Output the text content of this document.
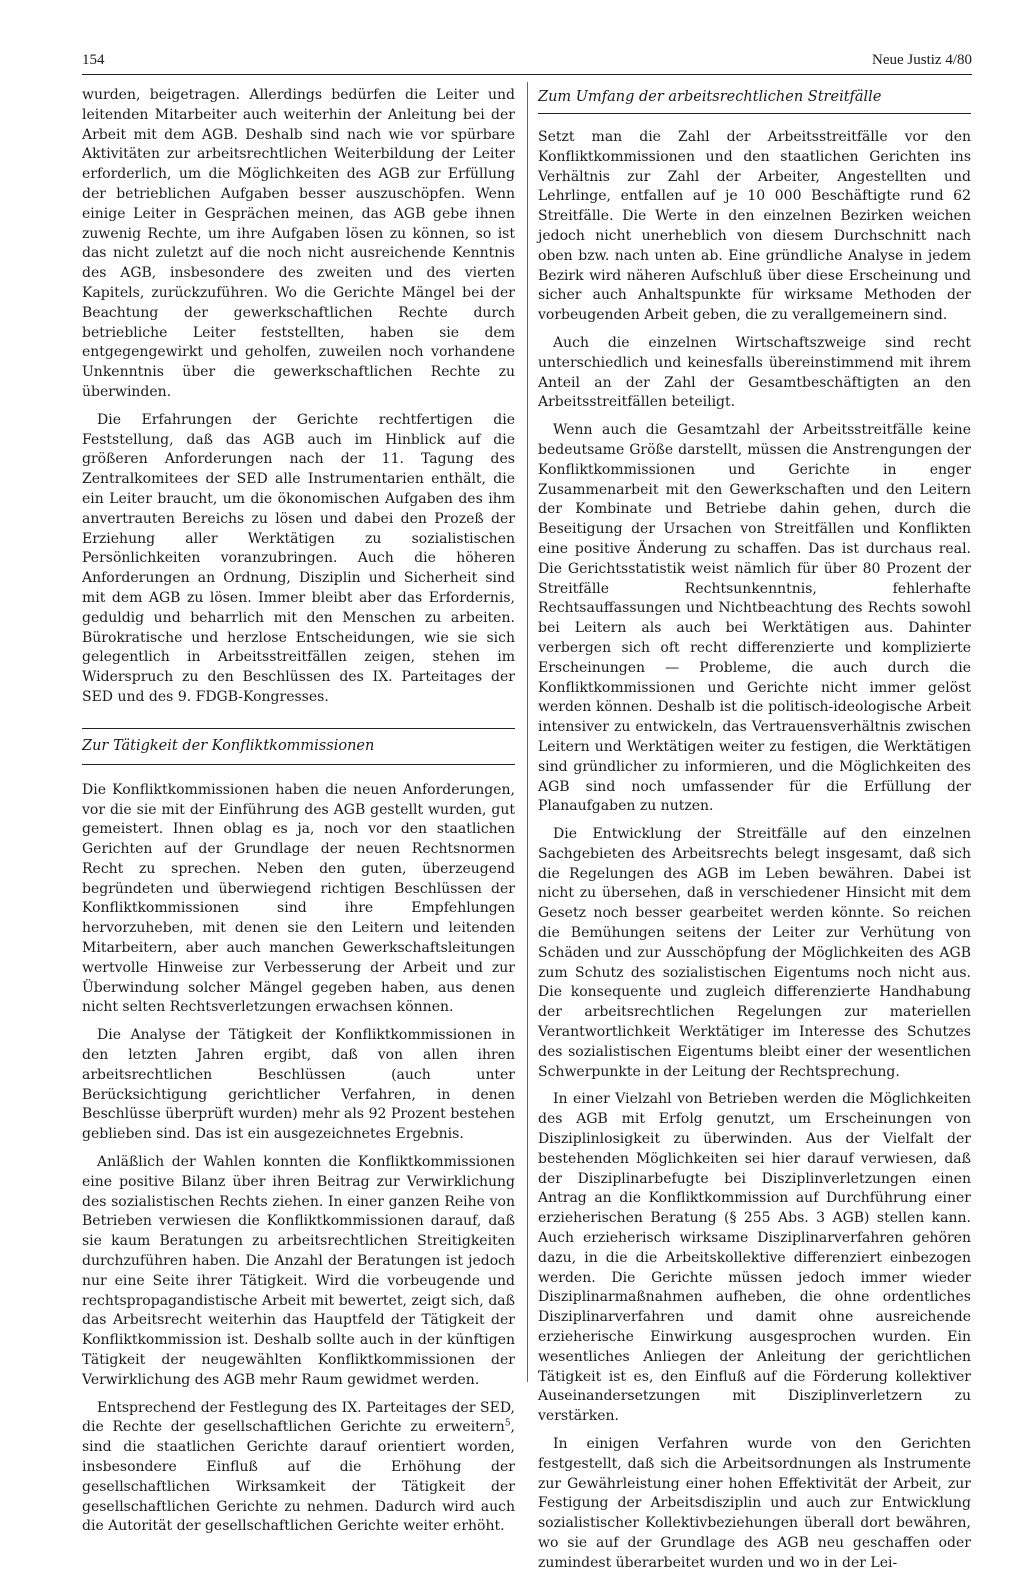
154	Neue Justiz 4/80

wurden, beigetragen. Allerdings bedürfen die Leiter und leitenden Mitarbeiter auch weiterhin der Anleitung bei der Arbeit mit dem AGB. Deshalb sind nach wie vor spürbare Aktivitäten zur arbeitsrechtlichen Weiterbildung der Leiter erforderlich, um die Möglichkeiten des AGB zur Erfüllung der betrieblichen Aufgaben besser auszuschöpfen. Wenn einige Leiter in Gesprächen meinen, das AGB gebe ihnen zuwenig Rechte, um ihre Aufgaben lösen zu können, so ist das nicht zuletzt auf die noch nicht ausreichende Kenntnis des AGB, insbesondere des zweiten und des vierten Kapitels, zurückzuführen. Wo die Gerichte Mängel bei der Beachtung der gewerkschaftlichen Rechte durch betriebliche Leiter feststellten, haben sie dem entgegengewirkt und geholfen, zuweilen noch vorhandene Unkenntnis über die gewerkschaftlichen Rechte zu überwinden.

Die Erfahrungen der Gerichte rechtfertigen die Feststellung, daß das AGB auch im Hinblick auf die größeren Anforderungen nach der 11. Tagung des Zentralkomitees der SED alle Instrumentarien enthält, die ein Leiter braucht, um die ökonomischen Aufgaben des ihm anvertrauten Bereichs zu lösen und dabei den Prozeß der Erziehung aller Werktätigen zu sozialistischen Persönlichkeiten voranzubringen. Auch die höheren Anforderungen an Ordnung, Disziplin und Sicherheit sind mit dem AGB zu lösen. Immer bleibt aber das Erfordernis, geduldig und beharrlich mit den Menschen zu arbeiten. Bürokratische und herzlose Entscheidungen, wie sie sich gelegentlich in Arbeitsstreitfällen zeigen, stehen im Widerspruch zu den Beschlüssen des IX. Parteitages der SED und des 9. FDGB-Kongresses.

Zur Tätigkeit der Konfliktkommissionen

Die Konfliktkommissionen haben die neuen Anforderungen, vor die sie mit der Einführung des AGB gestellt wurden, gut gemeistert. Ihnen oblag es ja, noch vor den staatlichen Gerichten auf der Grundlage der neuen Rechtsnormen Recht zu sprechen. Neben den guten, überzeugend begründeten und überwiegend richtigen Beschlüssen der Konfliktkommissionen sind ihre Empfehlungen hervorzuheben, mit denen sie den Leitern und leitenden Mitarbeitern, aber auch manchen Gewerkschaftsleitungen wertvolle Hinweise zur Verbesserung der Arbeit und zur Überwindung solcher Mängel gegeben haben, aus denen nicht selten Rechtsverletzungen erwachsen können.

Die Analyse der Tätigkeit der Konfliktkommissionen in den letzten Jahren ergibt, daß von allen ihren arbeitsrechtlichen Beschlüssen (auch unter Berücksichtigung gerichtlicher Verfahren, in denen Beschlüsse überprüft wurden) mehr als 92 Prozent bestehen geblieben sind. Das ist ein ausgezeichnetes Ergebnis.

Anläßlich der Wahlen konnten die Konfliktkommissionen eine positive Bilanz über ihren Beitrag zur Verwirklichung des sozialistischen Rechts ziehen. In einer ganzen Reihe von Betrieben verwiesen die Konfliktkommissionen darauf, daß sie kaum Beratungen zu arbeitsrechtlichen Streitigkeiten durchzuführen haben. Die Anzahl der Beratungen ist jedoch nur eine Seite ihrer Tätigkeit. Wird die vorbeugende und rechtspropagandistische Arbeit mit bewertet, zeigt sich, daß das Arbeitsrecht weiterhin das Hauptfeld der Tätigkeit der Konfliktkommission ist. Deshalb sollte auch in der künftigen Tätigkeit der neugewählten Konfliktkommissionen der Verwirklichung des AGB mehr Raum gewidmet werden.

Entsprechend der Festlegung des IX. Parteitages der SED, die Rechte der gesellschaftlichen Gerichte zu erweitern$^5$, sind die staatlichen Gerichte darauf orientiert worden, insbesondere Einfluß auf die Erhöhung der gesellschaftlichen Wirksamkeit der Tätigkeit der gesellschaftlichen Gerichte zu nehmen. Dadurch wird auch die Autorität der gesellschaftlichen Gerichte weiter erhöht.

Zum Umfang der arbeitsrechtlichen Streitfälle

Setzt man die Zahl der Arbeitsstreitfälle vor den Konfliktkommissionen und den staatlichen Gerichten ins Verhältnis zur Zahl der Arbeiter, Angestellten und Lehrlinge, entfallen auf je 10 000 Beschäftigte rund 62 Streitfälle. Die Werte in den einzelnen Bezirken weichen jedoch nicht unerheblich von diesem Durchschnitt nach oben bzw. nach unten ab. Eine gründliche Analyse in jedem Bezirk wird näheren Aufschluß über diese Erscheinung und sicher auch Anhaltspunkte für wirksame Methoden der vorbeugenden Arbeit geben, die zu verallgemeinern sind.

Auch die einzelnen Wirtschaftszweige sind recht unterschiedlich und keinesfalls übereinstimmend mit ihrem Anteil an der Zahl der Gesamtbeschäftigten an den Arbeitsstreitfällen beteiligt.

Wenn auch die Gesamtzahl der Arbeitsstreitfälle keine bedeutsame Größe darstellt, müssen die Anstrengungen der Konfliktkommissionen und Gerichte in enger Zusammenarbeit mit den Gewerkschaften und den Leitern der Kombinate und Betriebe dahin gehen, durch die Beseitigung der Ursachen von Streitfällen und Konflikten eine positive Änderung zu schaffen. Das ist durchaus real. Die Gerichtsstatistik weist nämlich für über 80 Prozent der Streitfälle Rechtsunkenntnis, fehlerhafte Rechtsauffassungen und Nichtbeachtung des Rechts sowohl bei Leitern als auch bei Werktätigen aus. Dahinter verbergen sich oft recht differenzierte und komplizierte Erscheinungen — Probleme, die auch durch die Konfliktkommissionen und Gerichte nicht immer gelöst werden können. Deshalb ist die politisch-ideologische Arbeit intensiver zu entwickeln, das Vertrauensverhältnis zwischen Leitern und Werktätigen weiter zu festigen, die Werktätigen sind gründlicher zu informieren, und die Möglichkeiten des AGB sind noch umfassender für die Erfüllung der Planaufgaben zu nutzen.

Die Entwicklung der Streitfälle auf den einzelnen Sachgebieten des Arbeitsrechts belegt insgesamt, daß sich die Regelungen des AGB im Leben bewähren. Dabei ist nicht zu übersehen, daß in verschiedener Hinsicht mit dem Gesetz noch besser gearbeitet werden könnte. So reichen die Bemühungen seitens der Leiter zur Verhütung von Schäden und zur Ausschöpfung der Möglichkeiten des AGB zum Schutz des sozialistischen Eigentums noch nicht aus. Die konsequente und zugleich differenzierte Handhabung der arbeitsrechtlichen Regelungen zur materiellen Verantwortlichkeit Werktätiger im Interesse des Schutzes des sozialistischen Eigentums bleibt einer der wesentlichen Schwerpunkte in der Leitung der Rechtsprechung.

In einer Vielzahl von Betrieben werden die Möglichkeiten des AGB mit Erfolg genutzt, um Erscheinungen von Disziplinlosigkeit zu überwinden. Aus der Vielfalt der bestehenden Möglichkeiten sei hier darauf verwiesen, daß der Disziplinarbefugte bei Disziplinverletzungen einen Antrag an die Konfliktkommission auf Durchführung einer erzieherischen Beratung (§ 255 Abs. 3 AGB) stellen kann. Auch erzieherisch wirksame Disziplinarverfahren gehören dazu, in die die Arbeitskollektive differenziert einbezogen werden. Die Gerichte müssen jedoch immer wieder Disziplinarmaßnahmen aufheben, die ohne ordentliches Disziplinarverfahren und damit ohne ausreichende erzieherische Einwirkung ausgesprochen wurden. Ein wesentliches Anliegen der Anleitung der gerichtlichen Tätigkeit ist es, den Einfluß auf die Förderung kollektiver Auseinandersetzungen mit Disziplinverletzern zu verstärken.

In einigen Verfahren wurde von den Gerichten festgestellt, daß sich die Arbeitsordnungen als Instrumente zur Gewährleistung einer hohen Effektivität der Arbeit, zur Festigung der Arbeitsdisziplin und auch zur Entwicklung sozialistischer Kollektivbeziehungen überall dort bewähren, wo sie auf der Grundlage des AGB neu geschaffen oder zumindest überarbeitet wurden und wo in der Lei-
